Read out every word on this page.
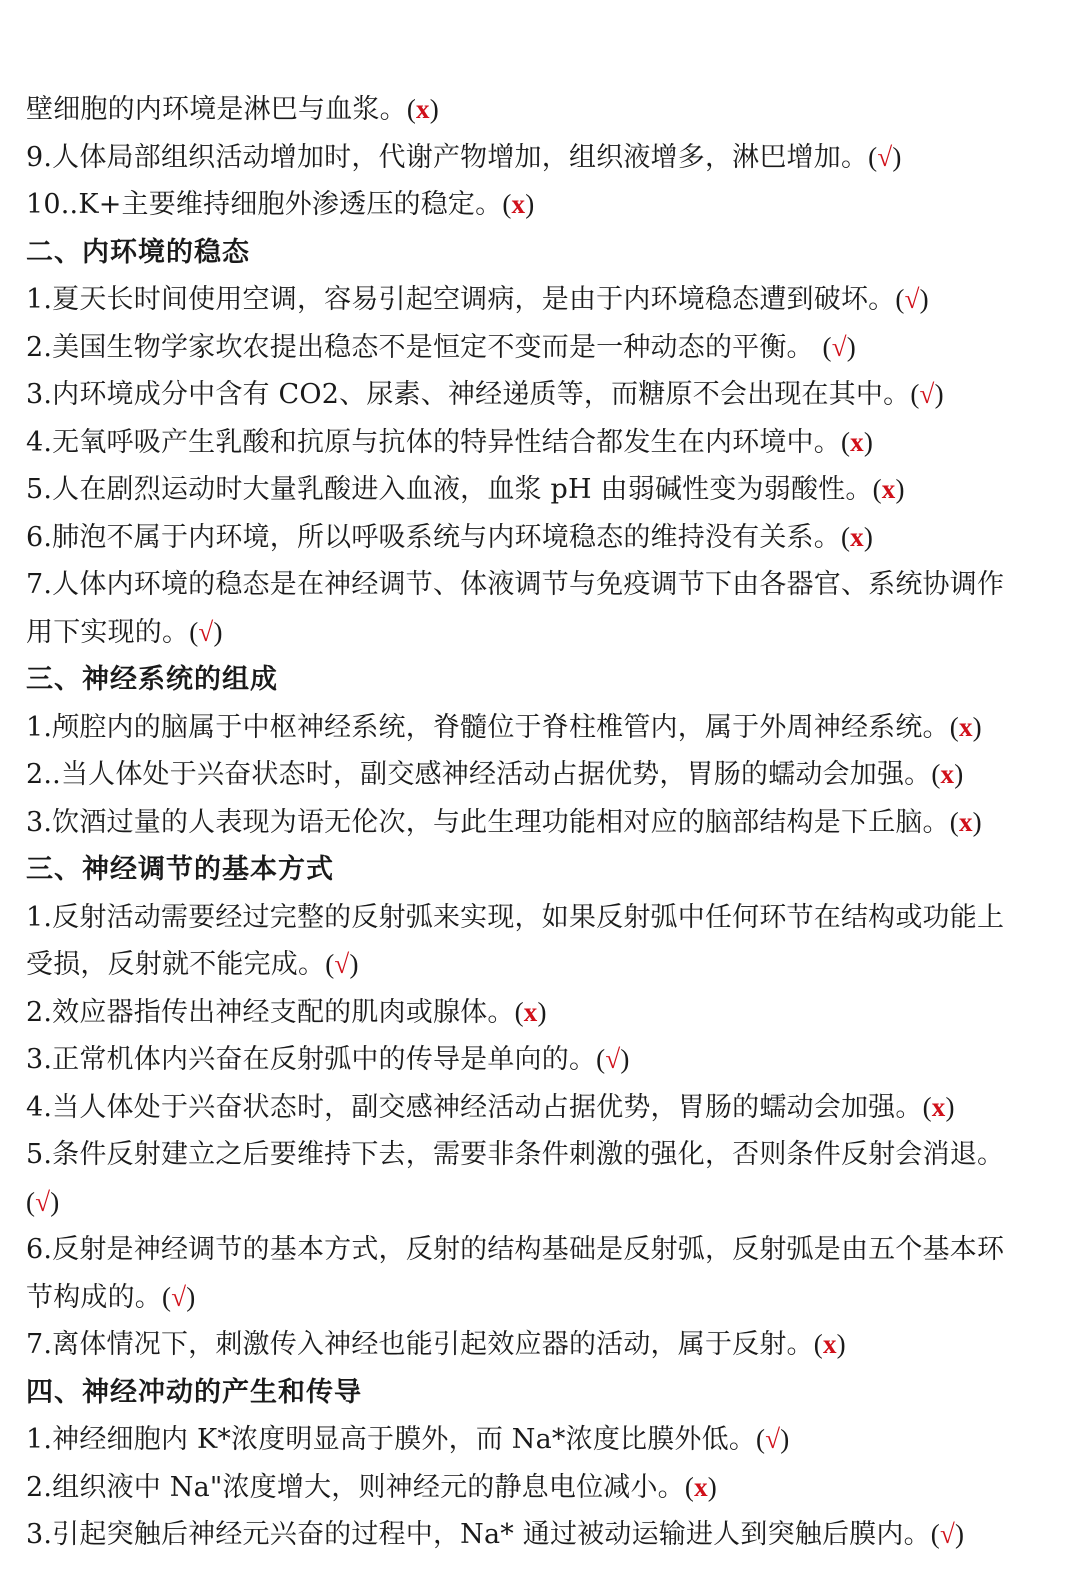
壁细胞的内环境是淋巴与血浆。(x)
9.人体局部组织活动增加时，代谢产物增加，组织液增多，淋巴增加。(√)
10..K+主要维持细胞外渗透压的稳定。(x)
二、内环境的稳态
1.夏天长时间使用空调，容易引起空调病，是由于内环境稳态遭到破坏。(√)
2.美国生物学家坎农提出稳态不是恒定不变而是一种动态的平衡。 (√)
3.内环境成分中含有 CO2、尿素、神经递质等，而糖原不会出现在其中。(√)
4.无氧呼吸产生乳酸和抗原与抗体的特异性结合都发生在内环境中。(x)
5.人在剧烈运动时大量乳酸进入血液，血浆 pH 由弱碱性变为弱酸性。(x)
6.肺泡不属于内环境，所以呼吸系统与内环境稳态的维持没有关系。(x)
7.人体内环境的稳态是在神经调节、体液调节与免疫调节下由各器官、系统协调作
用下实现的。(√)
三、神经系统的组成
1.颅腔内的脑属于中枢神经系统，脊髓位于脊柱椎管内，属于外周神经系统。(x)
2..当人体处于兴奋状态时，副交感神经活动占据优势，胃肠的蠕动会加强。(x)
3.饮酒过量的人表现为语无伦次，与此生理功能相对应的脑部结构是下丘脑。(x)
三、神经调节的基本方式
1.反射活动需要经过完整的反射弧来实现，如果反射弧中任何环节在结构或功能上
受损，反射就不能完成。(√)
2.效应器指传出神经支配的肌肉或腺体。(x)
3.正常机体内兴奋在反射弧中的传导是单向的。(√)
4.当人体处于兴奋状态时，副交感神经活动占据优势，胃肠的蠕动会加强。(x)
5.条件反射建立之后要维持下去，需要非条件刺激的强化，否则条件反射会消退。
(√)
6.反射是神经调节的基本方式，反射的结构基础是反射弧，反射弧是由五个基本环
节构成的。(√)
7.离体情况下，刺激传入神经也能引起效应器的活动，属于反射。(x)
四、神经冲动的产生和传导
1.神经细胞内 K*浓度明显高于膜外，而 Na*浓度比膜外低。(√)
2.组织液中 Na"浓度增大，则神经元的静息电位减小。(x)
3.引起突触后神经元兴奋的过程中，Na* 通过被动运输进人到突触后膜内。(√)
